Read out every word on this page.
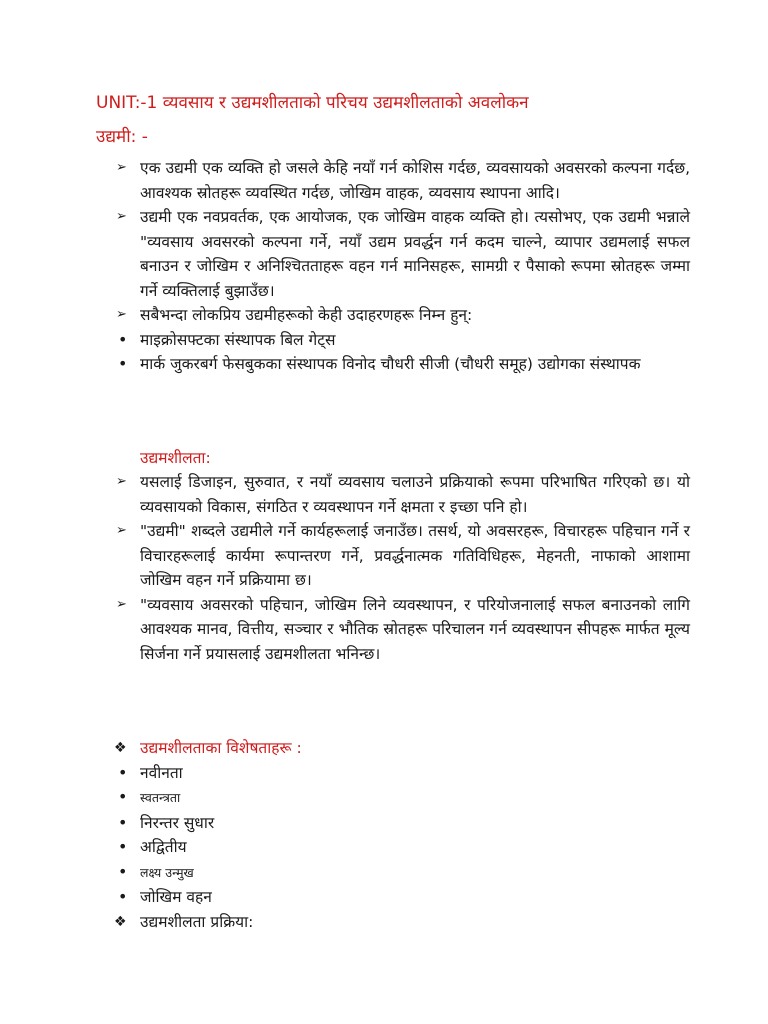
UNIT:-1 व्यवसाय र उद्यमशीलताको परिचय उद्यमशीलताको अवलोकन
उद्यमी: -
➢ एक उद्यमी एक व्यक्ति हो जसले केहि नयाँ गर्न कोशिस गर्दछ, व्यवसायको अवसरको कल्पना गर्दछ, आवश्यक स्रोतहरू व्यवस्थित गर्दछ, जोखिम वाहक, व्यवसाय स्थापना आदि।
➢ उद्यमी एक नवप्रवर्तक, एक आयोजक, एक जोखिम वाहक व्यक्ति हो। त्यसोभए, एक उद्यमी भन्नाले "व्यवसाय अवसरको कल्पना गर्ने, नयाँ उद्यम प्रवर्द्धन गर्न कदम चाल्ने, व्यापार उद्यमलाई सफल बनाउन र जोखिम र अनिश्चितताहरू वहन गर्न मानिसहरू, सामग्री र पैसाको रूपमा स्रोतहरू जम्मा गर्ने व्यक्तिलाई बुझाउँछ।
➢ सबैभन्दा लोकप्रिय उद्यमीहरूको केही उदाहरणहरू निम्न हुन्:
• माइक्रोसफ्टका संस्थापक बिल गेट्स
• मार्क जुकरबर्ग फेसबुकका संस्थापक विनोद चौधरी सीजी (चौधरी समूह) उद्योगका संस्थापक
उद्यमशीलता:
➢ यसलाई डिजाइन, सुरुवात, र नयाँ व्यवसाय चलाउने प्रक्रियाको रूपमा परिभाषित गरिएको छ। यो व्यवसायको विकास, संगठित र व्यवस्थापन गर्ने क्षमता र इच्छा पनि हो।
➢ "उद्यमी" शब्दले उद्यमीले गर्ने कार्यहरूलाई जनाउँछ। तसर्थ, यो अवसरहरू, विचारहरू पहिचान गर्ने र विचारहरूलाई कार्यमा रूपान्तरण गर्ने, प्रवर्द्धनात्मक गतिविधिहरू, मेहनती, नाफाको आशामा जोखिम वहन गर्ने प्रक्रियामा छ।
➢ "व्यवसाय अवसरको पहिचान, जोखिम लिने व्यवस्थापन, र परियोजनालाई सफल बनाउनको लागि आवश्यक मानव, वित्तीय, सञ्चार र भौतिक स्रोतहरू परिचालन गर्न व्यवस्थापन सीपहरू मार्फत मूल्य सिर्जना गर्ने प्रयासलाई उद्यमशीलता भनिन्छ।
❖ उद्यमशीलताका विशेषताहरू :
• नवीनता
• स्वतन्त्रता
• निरन्तर सुधार
• अद्वितीय
• लक्ष्य उन्मुख
• जोखिम वहन
❖ उद्यमशीलता प्रक्रिया:
